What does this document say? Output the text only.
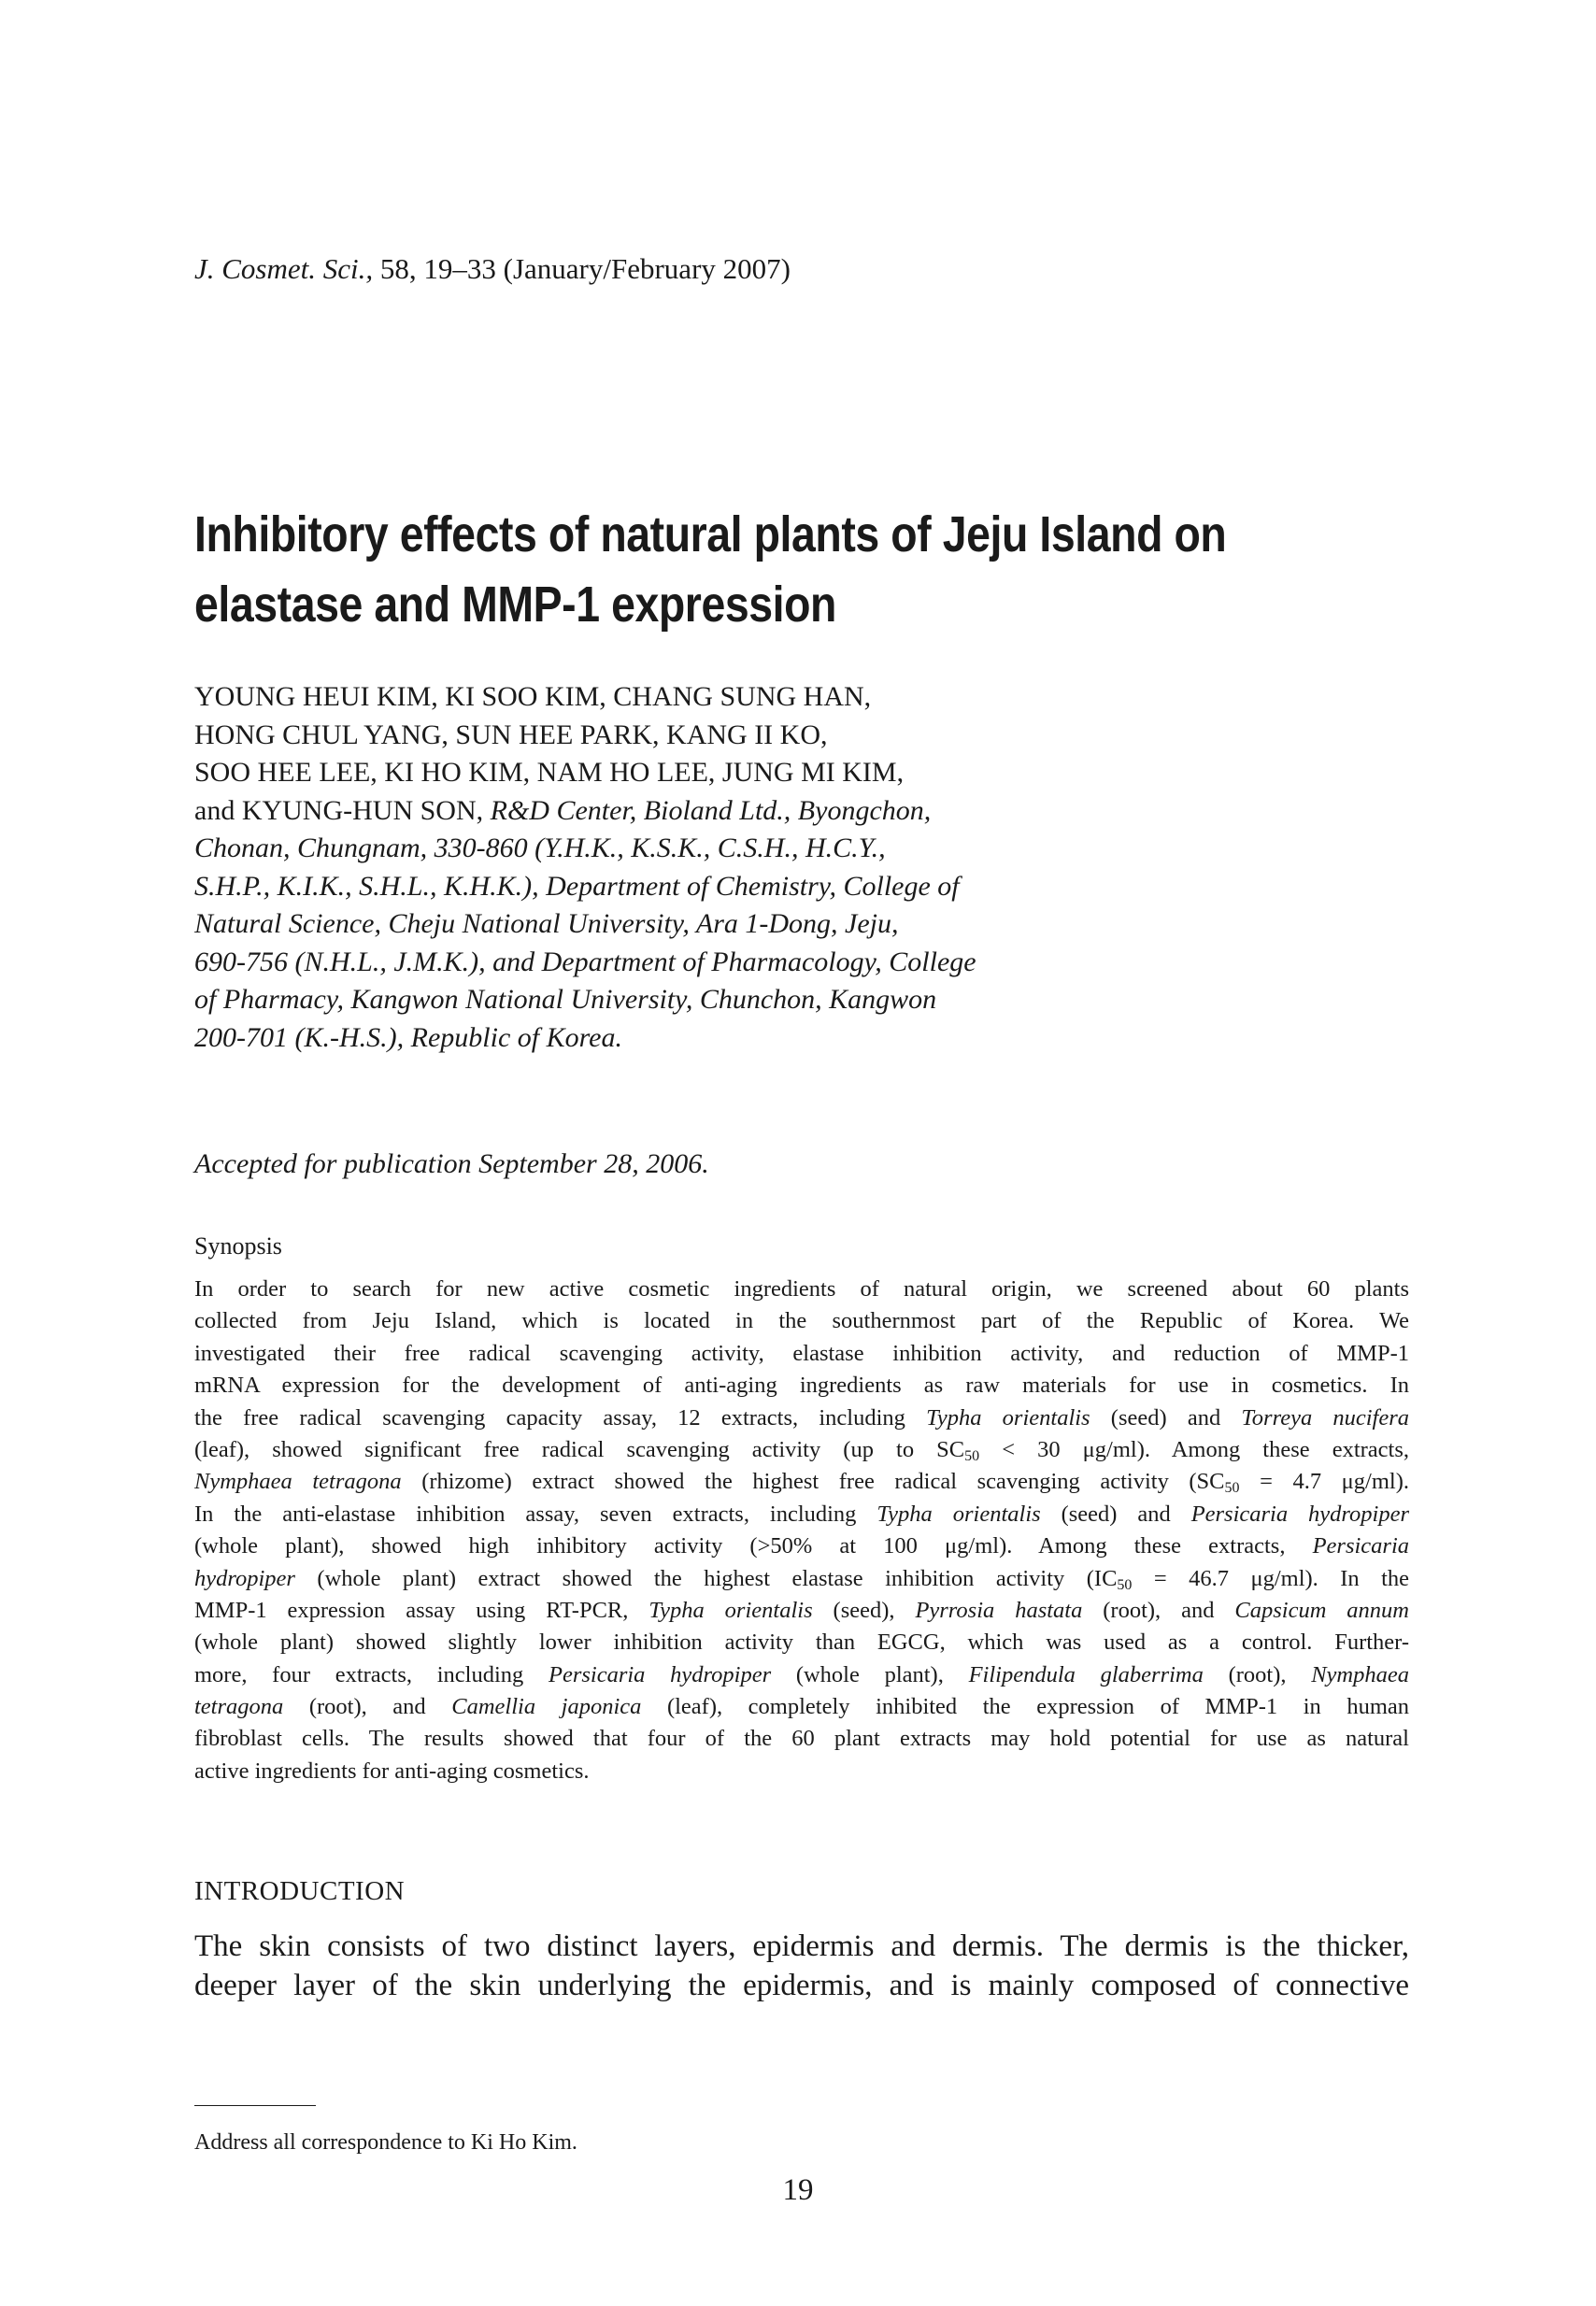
J. Cosmet. Sci., 58, 19–33 (January/February 2007)
Inhibitory effects of natural plants of Jeju Island on
elastase and MMP-1 expression
YOUNG HEUI KIM, KI SOO KIM, CHANG SUNG HAN,
HONG CHUL YANG, SUN HEE PARK, KANG II KO,
SOO HEE LEE, KI HO KIM, NAM HO LEE, JUNG MI KIM,
and KYUNG-HUN SON, R&D Center, Bioland Ltd., Byongchon,
Chonan, Chungnam, 330-860 (Y.H.K., K.S.K., C.S.H., H.C.Y.,
S.H.P., K.I.K., S.H.L., K.H.K.), Department of Chemistry, College of
Natural Science, Cheju National University, Ara 1-Dong, Jeju,
690-756 (N.H.L., J.M.K.), and Department of Pharmacology, College
of Pharmacy, Kangwon National University, Chunchon, Kangwon
200-701 (K.-H.S.), Republic of Korea.
Accepted for publication September 28, 2006.
Synopsis
In order to search for new active cosmetic ingredients of natural origin, we screened about 60 plants
collected from Jeju Island, which is located in the southernmost part of the Republic of Korea. We
investigated their free radical scavenging activity, elastase inhibition activity, and reduction of MMP-1
mRNA expression for the development of anti-aging ingredients as raw materials for use in cosmetics. In
the free radical scavenging capacity assay, 12 extracts, including Typha orientalis (seed) and Torreya nucifera
(leaf), showed significant free radical scavenging activity (up to $SC_{50} < 30$ μg/ml). Among these extracts,
Nymphaea tetragona (rhizome) extract showed the highest free radical scavenging activity ($SC_{50} = 4.7$ μg/ml).
In the anti-elastase inhibition assay, seven extracts, including Typha orientalis (seed) and Persicaria hydropiper
(whole plant), showed high inhibitory activity (>50% at 100 μg/ml). Among these extracts, Persicaria
hydropiper (whole plant) extract showed the highest elastase inhibition activity ($IC_{50} = 46.7$ μg/ml). In the
MMP-1 expression assay using RT-PCR, Typha orientalis (seed), Pyrrosia hastata (root), and Capsicum annum
(whole plant) showed slightly lower inhibition activity than EGCG, which was used as a control. Further-
more, four extracts, including Persicaria hydropiper (whole plant), Filipendula glaberrima (root), Nymphaea
tetragona (root), and Camellia japonica (leaf), completely inhibited the expression of MMP-1 in human
fibroblast cells. The results showed that four of the 60 plant extracts may hold potential for use as natural
active ingredients for anti-aging cosmetics.
INTRODUCTION
The skin consists of two distinct layers, epidermis and dermis. The dermis is the thicker,
deeper layer of the skin underlying the epidermis, and is mainly composed of connective
Address all correspondence to Ki Ho Kim.
19
